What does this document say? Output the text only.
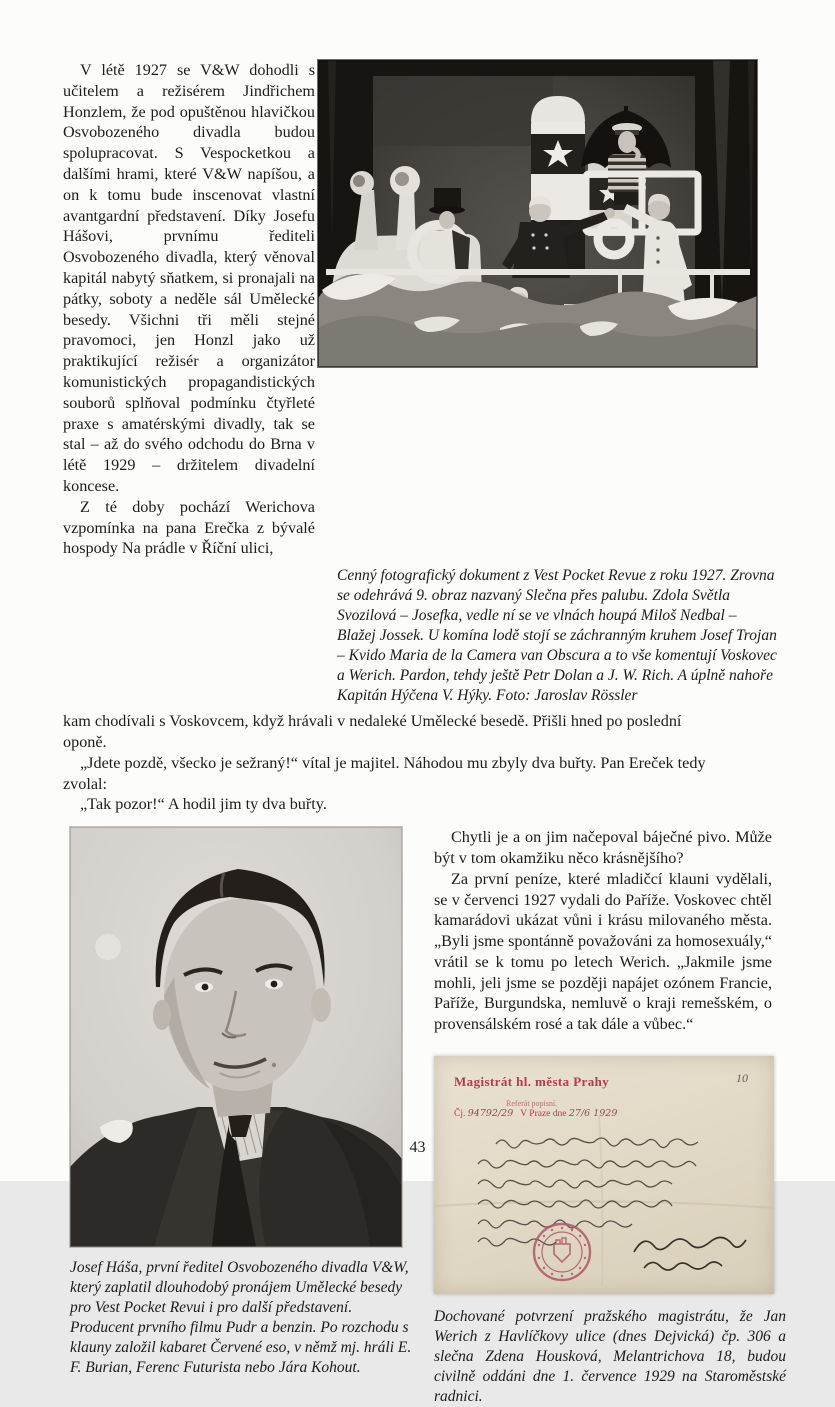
V létě 1927 se V&W dohodli s učitelem a režisérem Jindřichem Honzlem, že pod opuštěnou hlavičkou Osvobozeného divadla budou spolupracovat. S Vespocketkou a dalšími hrami, které V&W napíšou, a on k tomu bude inscenovat vlastní avantgardní představení. Díky Josefu Hášovi, prvnímu řediteli Osvobozeného divadla, který věnoval kapitál nabytý sňatkem, si pronajali na pátky, soboty a neděle sál Umělecké besedy. Všichni tři měli stejné pravomoci, jen Honzl jako už praktikující režisér a organizátor komunistických propagandistických souborů splňoval podmínku čtyřleté praxe s amatérskými divadly, tak se stal – až do svého odchodu do Brna v létě 1929 – držitelem divadelní koncese.

Z té doby pochází Werichova vzpomínka na pana Erečka z bývalé hospody Na prádle v Říční ulici,

Cenný fotografický dokument z Vest Pocket Revue z roku 1927. Zrovna se odehrává 9. obraz nazvaný Slečna přes palubu. Zdola Světla Svozilová – Josefka, vedle ní se ve vlnách houpá Miloš Nedbal – Blažej Jossek. U komína lodě stojí se záchranným kruhem Josef Trojan – Kvido Maria de la Camera van Obscura a to vše komentují Voskovec a Werich. Pardon, tehdy ještě Petr Dolan a J. W. Rich. A úplně nahoře Kapitán Hýčena V. Hýky. Foto: Jaroslav Rössler

kam chodívali s Voskovcem, když hrávali v nedaleké Umělecké besedě. Přišli hned po poslední oponě.

„Jdete pozdě, všecko je sežraný!“ vítal je majitel. Náhodou mu zbyly dva buřty. Pan Ereček tedy zvolal:

„Tak pozor!“ A hodil jim ty dva buřty.

Josef Háša, první ředitel Osvobozeného divadla V&W, který zaplatil dlouhodobý pronájem Umělecké besedy pro Vest Pocket Revui i pro další představení. Producent prvního filmu Pudr a benzin. Po rozchodu s klauny založil kabaret Červené eso, v němž mj. hráli E. F. Burian, Ferenc Futurista nebo Jára Kohout.

Chytli je a on jim načepoval báječné pivo. Může být v tom okamžiku něco krásnějšího?

Za první peníze, které mladičcí klauni vydělali, se v červenci 1927 vydali do Paříže. Voskovec chtěl kamarádovi ukázat vůni i krásu milovaného města. „Byli jsme spontánně považováni za homosexuály,“ vrátil se k tomu po letech Werich. „Jakmile jsme mohli, jeli jsme se později napájet ozónem Francie, Paříže, Burgundska, nemluvě o kraji remešském, o provensálském rosé a tak dále a vůbec.“

Magistrát hl. města Prahy
Referát popisní.
Čj. 94792/29 V Praze dne 27/6 1929
10
Dochované potvrzení pražského magistrátu, že Jan Werich z Havlíčkovy ulice (dnes Dejvická) čp. 306 a slečna Zdena Housková, Melantrichova 18, budou civilně oddáni dne 1. července 1929 na Staroměstské radnici.
43
